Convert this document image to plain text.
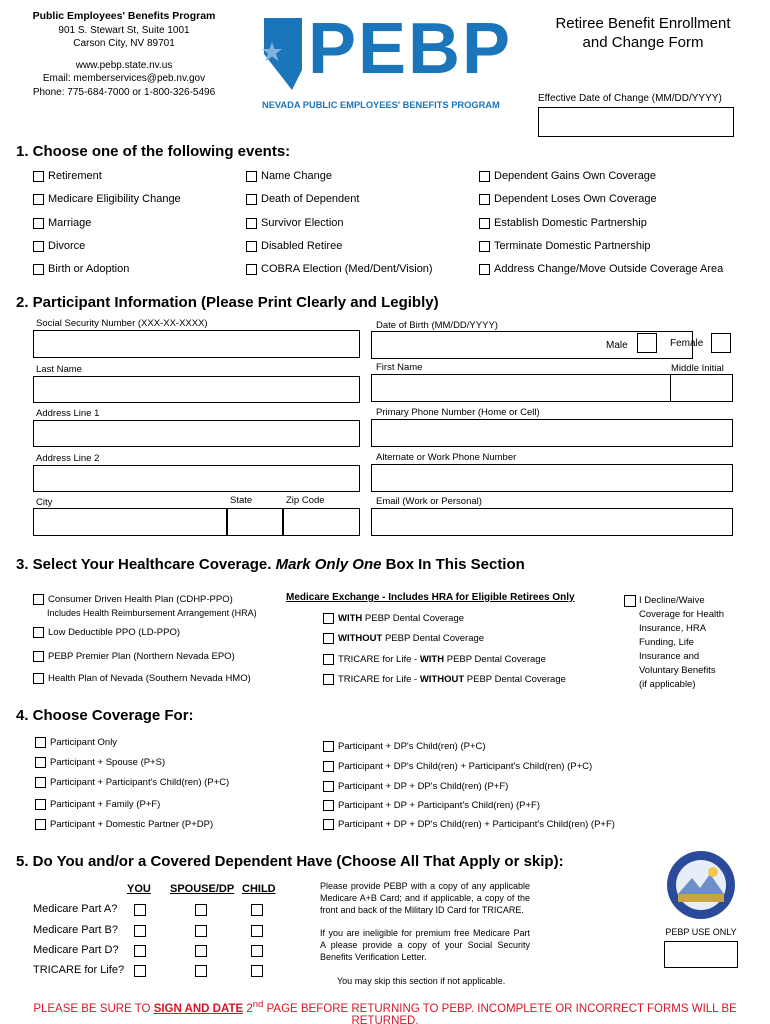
Public Employees' Benefits Program
901 S. Stewart St, Suite 1001
Carson City, NV 89701
www.pebp.state.nv.us
Email: memberservices@peb.nv.gov
Phone: 775-684-7000 or 1-800-326-5496
PEBP
NEVADA PUBLIC EMPLOYEES' BENEFITS PROGRAM
Retiree Benefit Enrollment
and Change Form
Effective Date of Change (MM/DD/YYYY)
1. Choose one of the following events:
Retirement
Medicare Eligibility Change
Marriage
Divorce
Birth or Adoption
Name Change
Death of Dependent
Survivor Election
Disabled Retiree
COBRA Election (Med/Dent/Vision)
Dependent Gains Own Coverage
Dependent Loses Own Coverage
Establish Domestic Partnership
Terminate Domestic Partnership
Address Change/Move Outside Coverage Area
2. Participant Information (Please Print Clearly and Legibly)
Social Security Number (XXX-XX-XXXX)	Date of Birth (MM/DD/YYYY)
Male	Female
Last Name	First Name	Middle Initial
Address Line 1	Primary Phone Number (Home or Cell)
Address Line 2	Alternate or Work Phone Number
City	State	Zip Code	Email (Work or Personal)
3. Select Your Healthcare Coverage. Mark Only One Box In This Section
Consumer Driven Health Plan (CDHP-PPO)
Includes Health Reimbursement Arrangement (HRA)
Low Deductible PPO (LD-PPO)
PEBP Premier Plan (Northern Nevada EPO)
Health Plan of Nevada (Southern Nevada HMO)
Medicare Exchange - Includes HRA for Eligible Retirees Only
WITH PEBP Dental Coverage
WITHOUT PEBP Dental Coverage
TRICARE for Life - WITH PEBP Dental Coverage
TRICARE for Life - WITHOUT PEBP Dental Coverage
I Decline/Waive
Coverage for Health
Insurance, HRA
Funding, Life
Insurance and
Voluntary Benefits
(if applicable)
4. Choose Coverage For:
Participant Only
Participant + Spouse (P+S)
Participant + Participant's Child(ren) (P+C)
Participant + Family (P+F)
Participant + Domestic Partner (P+DP)
Participant + DP's Child(ren) (P+C)
Participant + DP's Child(ren) + Participant's Child(ren) (P+C)
Participant + DP + DP's Child(ren) (P+F)
Participant + DP + Participant's Child(ren) (P+F)
Participant + DP + DP's Child(ren) + Participant's Child(ren) (P+F)
5. Do You and/or a Covered Dependent Have (Choose All That Apply or skip):
YOU SPOUSE/DP CHILD
Medicare Part A?
Medicare Part B?
Medicare Part D?
TRICARE for Life?
Please provide PEBP with a copy of any applicable Medicare A+B Card; and if applicable, a copy of the front and back of the Military ID Card for TRICARE.
If you are ineligible for premium free Medicare Part A please provide a copy of your Social Security Benefits Verification Letter.
You may skip this section if not applicable.
PEBP USE ONLY
PLEASE BE SURE TO SIGN AND DATE 2nd PAGE BEFORE RETURNING TO PEBP. INCOMPLETE OR INCORRECT FORMS WILL BE RETURNED.
